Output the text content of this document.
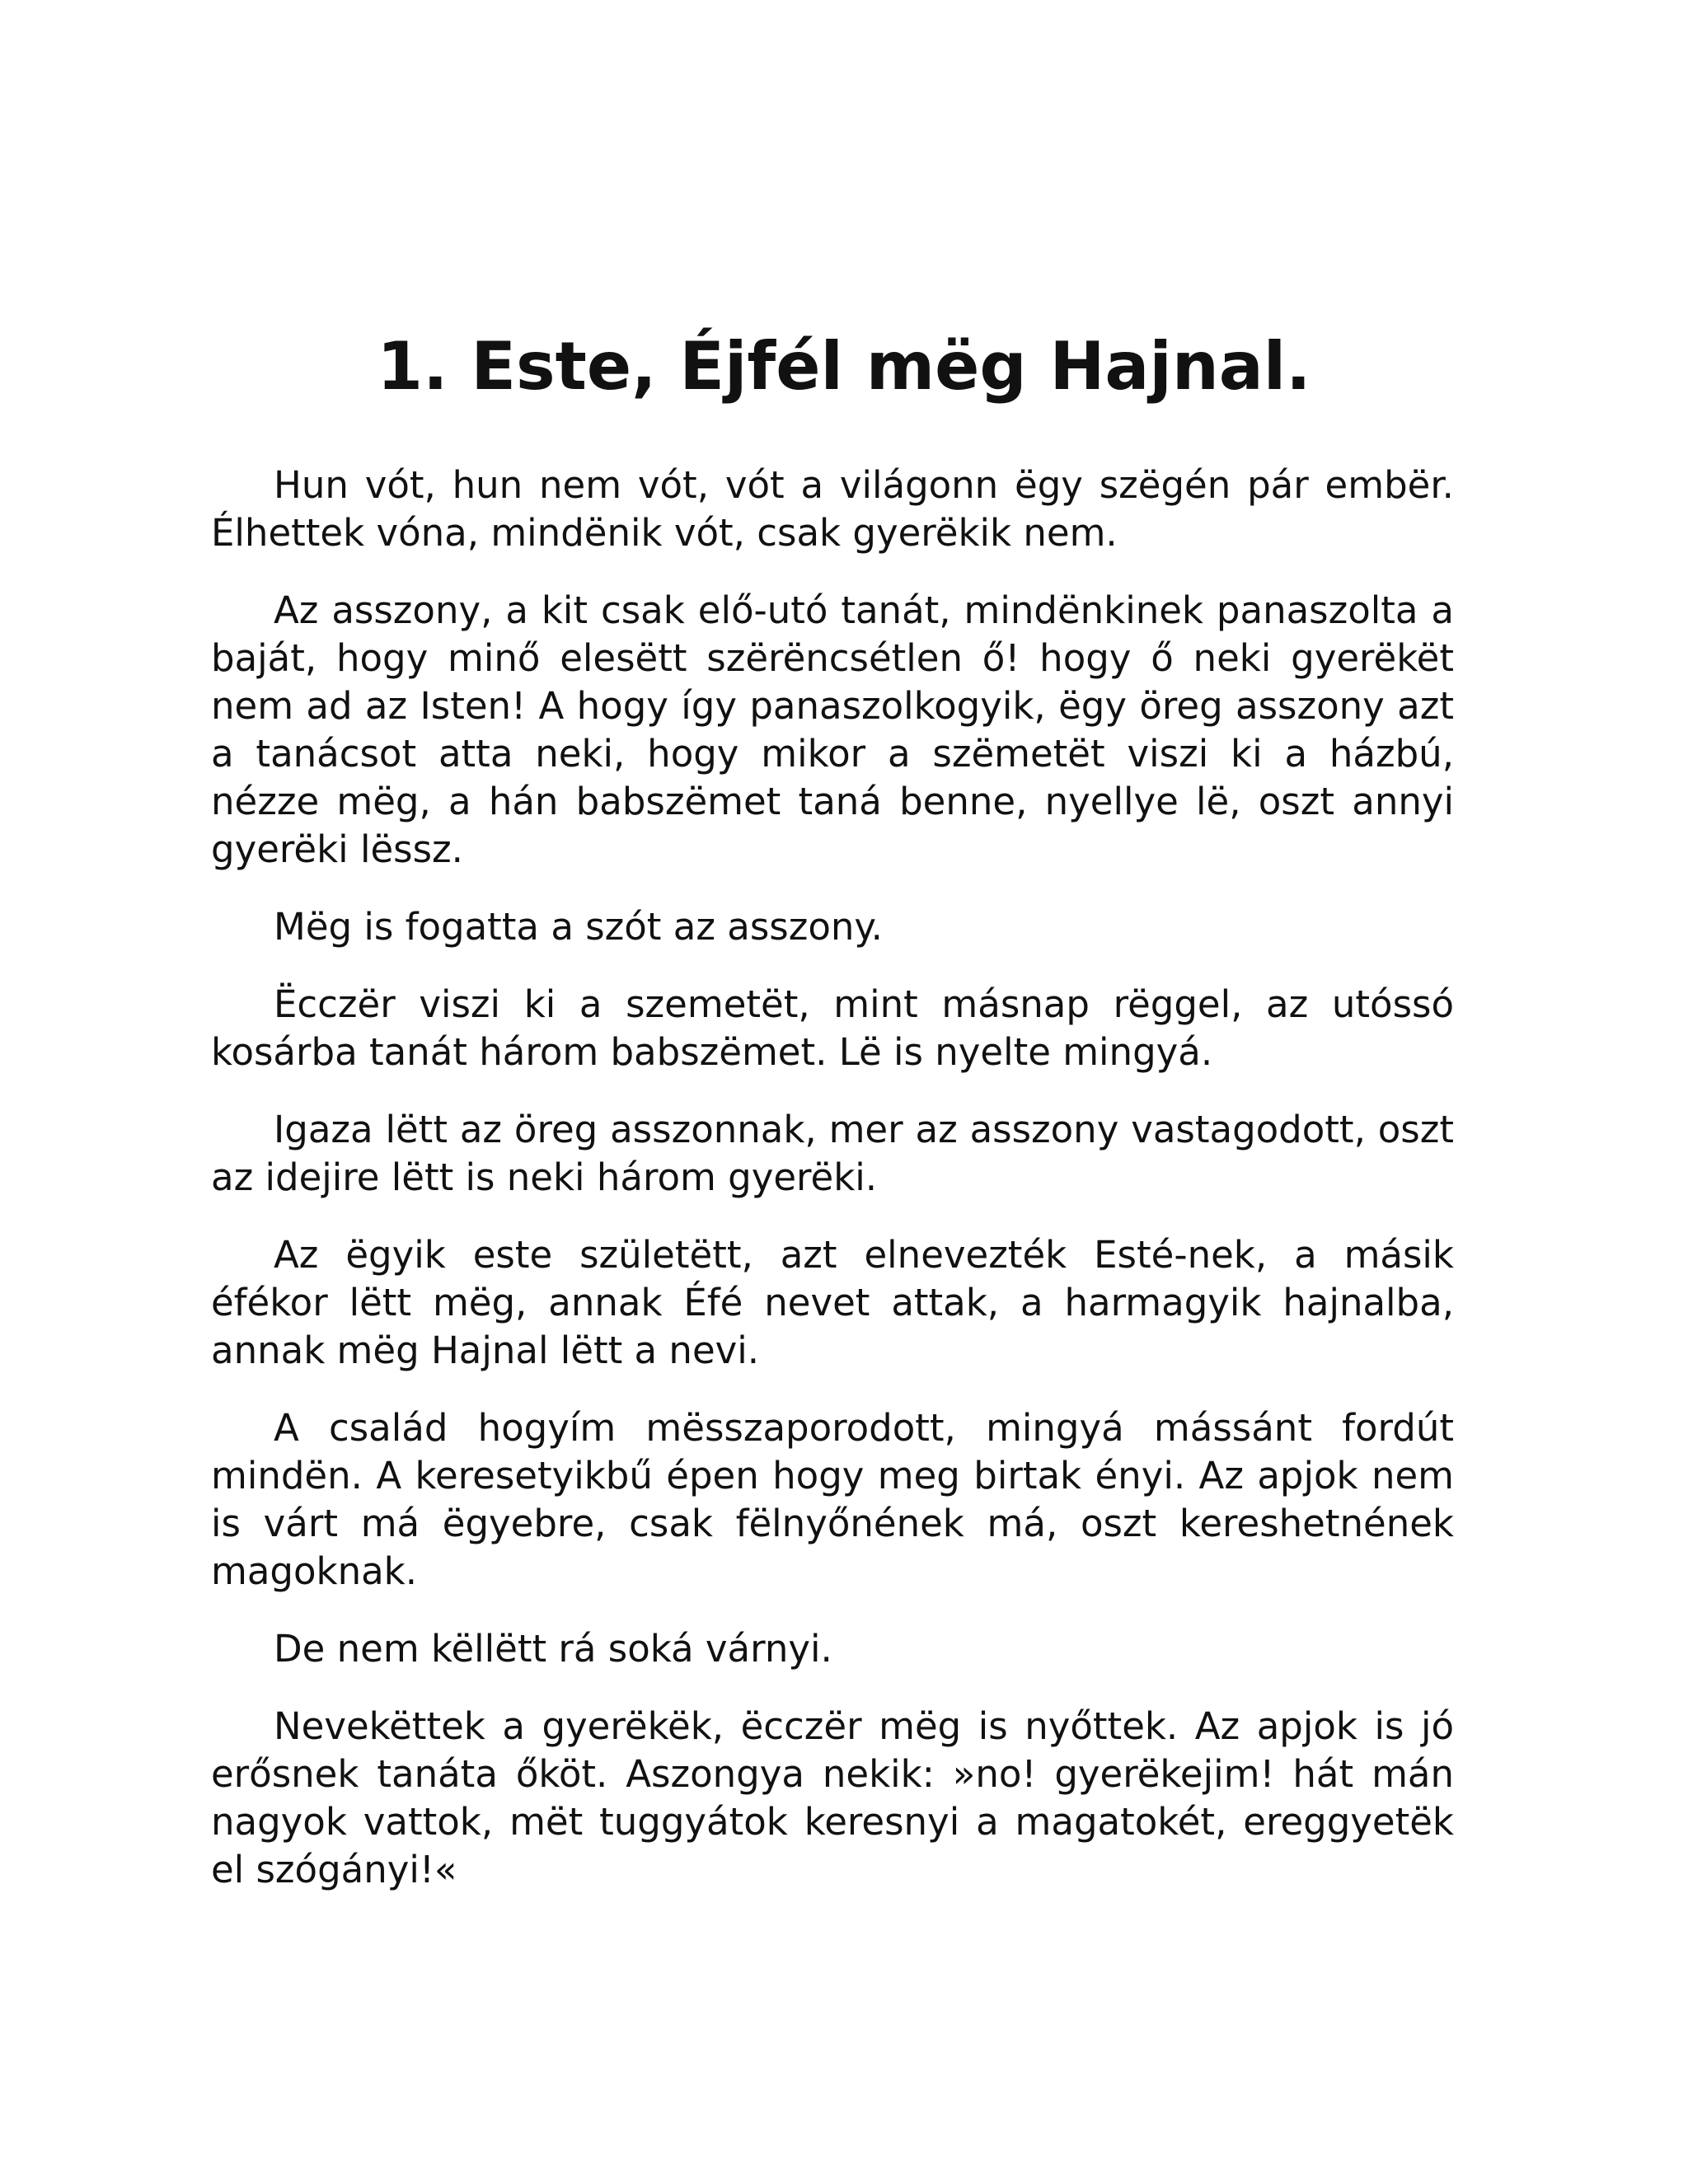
1. Este, Éjfél mëg Hajnal.

Hun vót, hun nem vót, vót a világonn ëgy szëgén pár embër. Élhettek vóna, mindënik vót, csak gyerëkik nem.

Az asszony, a kit csak elő-utó tanát, mindënkinek panaszolta a baját, hogy minő elesëtt szërëncsétlen ő! hogy ő neki gyerëkët nem ad az Isten! A hogy így panaszolkogyik, ëgy öreg asszony azt a tanácsot atta neki, hogy mikor a szëmetët viszi ki a házbú, nézze mëg, a hán babszëmet taná benne, nyellye lë, oszt annyi gyerëki lëssz.

Mëg is fogatta a szót az asszony.

Ëcczër viszi ki a szemetët, mint másnap rëggel, az utóssó kosárba tanát három babszëmet. Lë is nyelte mingyá.

Igaza lëtt az öreg asszonnak, mer az asszony vastagodott, oszt az idejire lëtt is neki három gyerëki.

Az ëgyik este születëtt, azt elnevezték Esté-nek, a másik éfékor lëtt mëg, annak Éfé nevet attak, a harmagyik hajnalba, annak mëg Hajnal lëtt a nevi.

A család hogyím mësszaporodott, mingyá mássánt fordút mindën. A keresetyikbű épen hogy meg birtak ényi. Az apjok nem is várt má ëgyebre, csak fëlnyőnének má, oszt kereshetnének magoknak.

De nem këllëtt rá soká várnyi.

Nevekëttek a gyerëkëk, ëcczër mëg is nyőttek. Az apjok is jó erősnek tanáta őköt. Aszongya nekik: »no! gyerëkejim! hát mán nagyok vattok, mët tuggyátok keresnyi a magatokét, ereggyetëk el szógányi!«
